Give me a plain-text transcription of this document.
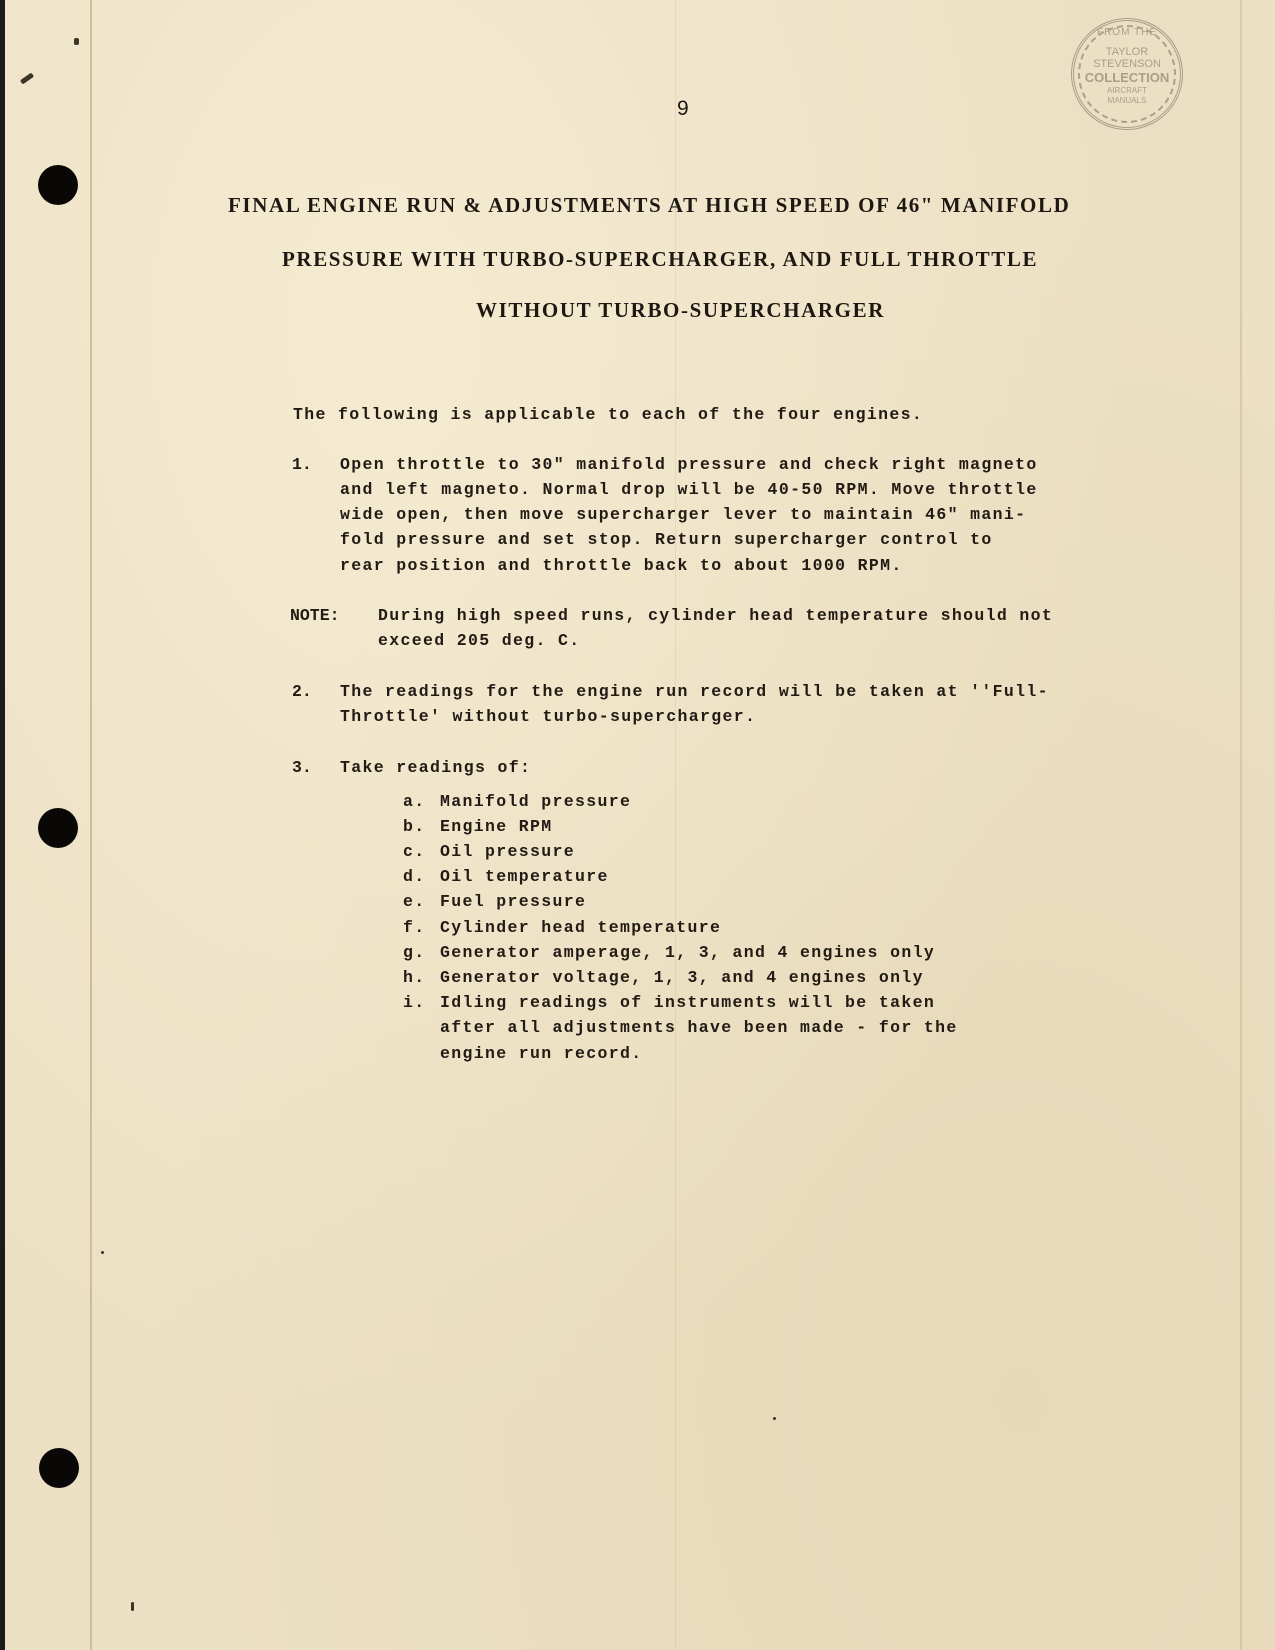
FROM THE
TAYLOR
STEVENSON
COLLECTION
AIRCRAFT
MANUALS
9
FINAL ENGINE RUN & ADJUSTMENTS AT HIGH SPEED OF 46" MANIFOLD
PRESSURE WITH TURBO-SUPERCHARGER, AND FULL THROTTLE
WITHOUT TURBO-SUPERCHARGER
The following is applicable to each of the four engines.
1. Open throttle to 30" manifold pressure and check right magneto
and left magneto. Normal drop will be 40-50 RPM. Move throttle
wide open, then move supercharger lever to maintain 46" mani-
fold pressure and set stop. Return supercharger control to
rear position and throttle back to about 1000 RPM.
NOTE: During high speed runs, cylinder head temperature should not
exceed 205 deg. C.
2. The readings for the engine run record will be taken at ''Full-
Throttle' without turbo-supercharger.
3. Take readings of:
a. Manifold pressure
b. Engine RPM
c. Oil pressure
d. Oil temperature
e. Fuel pressure
f. Cylinder head temperature
g. Generator amperage, 1, 3, and 4 engines only
h. Generator voltage, 1, 3, and 4 engines only
i. Idling readings of instruments will be taken
after all adjustments have been made - for the
engine run record.
